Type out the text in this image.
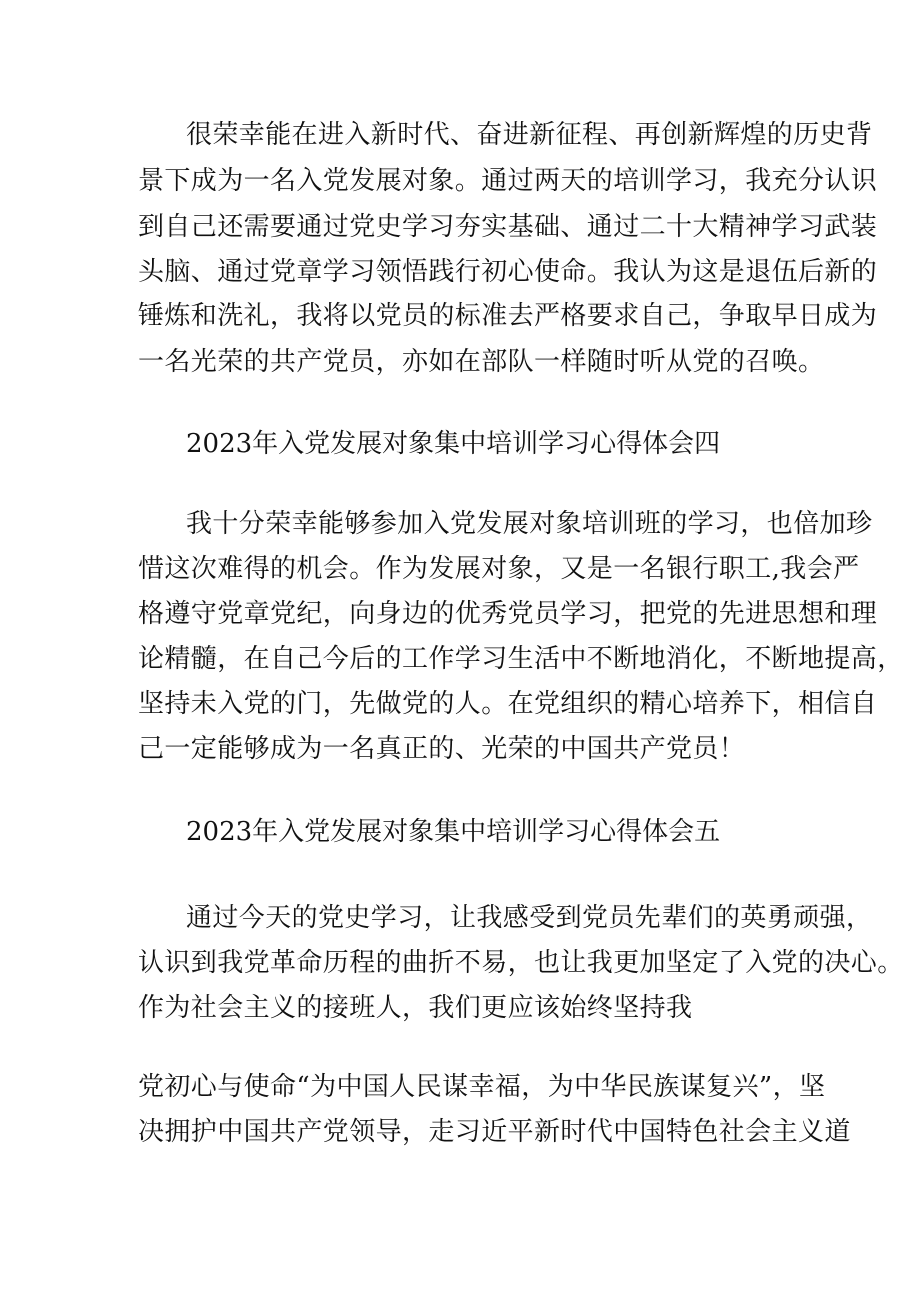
很荣幸能在进入新时代、奋进新征程、再创新辉煌的历史背
景下成为一名入党发展对象。通过两天的培训学习，我充分认识
到自己还需要通过党史学习夯实基础、通过二十大精神学习武装
头脑、通过党章学习领悟践行初心使命。我认为这是退伍后新的
锤炼和洗礼，我将以党员的标准去严格要求自己，争取早日成为
一名光荣的共产党员，亦如在部队一样随时听从党的召唤。
2023年入党发展对象集中培训学习心得体会四
我十分荣幸能够参加入党发展对象培训班的学习，也倍加珍
惜这次难得的机会。作为发展对象，又是一名银行职工,我会严
格遵守党章党纪，向身边的优秀党员学习，把党的先进思想和理
论精髓，在自己今后的工作学习生活中不断地消化，不断地提高，
坚持未入党的门，先做党的人。在党组织的精心培养下，相信自
己一定能够成为一名真正的、光荣的中国共产党员！
2023年入党发展对象集中培训学习心得体会五
通过今天的党史学习，让我感受到党员先辈们的英勇顽强，
认识到我党革命历程的曲折不易，也让我更加坚定了入党的决心。
作为社会主义的接班人，我们更应该始终坚持我
党初心与使命“为中国人民谋幸福，为中华民族谋复兴”，坚
决拥护中国共产党领导，走习近平新时代中国特色社会主义道
